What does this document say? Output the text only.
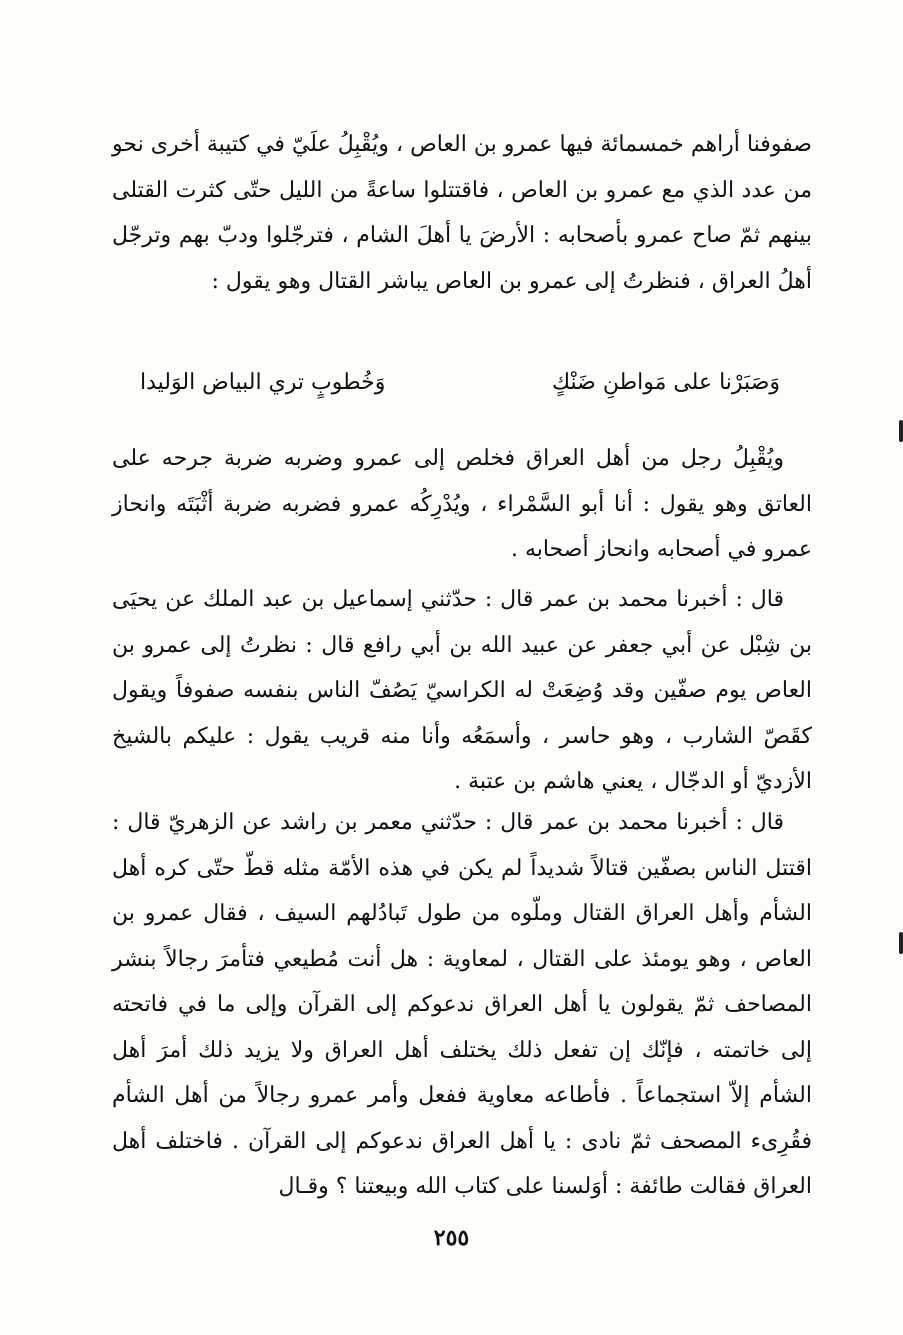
صفوفنا أراهم خمسمائة فيها عمرو بن العاص ، ويُقْبِلُ علَيّ في كتيبة أخرى نحو من عدد الذي مع عمرو بن العاص ، فاقتتلوا ساعةً من الليل حتّى كثرت القتلى بينهم ثمّ صاح عمرو بأصحابه : الأرضَ يا أهلَ الشام ، فترجّلوا ودبّ بهم وترجّل أهلُ العراق ، فنظرتُ إلى عمرو بن العاص يباشر القتال وهو يقول :

وَصَبَرْنا على مَواطنِ ضَنْكٍ
وَخُطوبٍ تري البياض الوَليدا

ويُقْبِلُ رجل من أهل العراق فخلص إلى عمرو وضربه ضربة جرحه على العاتق وهو يقول : أنا أبو السَّمْراء ، ويُدْرِكُه عمرو فضربه ضربة أثْبَتَه وانحاز عمرو في أصحابه وانحاز أصحابه .

قال : أخبرنا محمد بن عمر قال : حدّثني إسماعيل بن عبد الملك عن يحيَى بن شِبْل عن أبي جعفر عن عبيد الله بن أبي رافع قال : نظرتُ إلى عمرو بن العاص يوم صفّين وقد وُضِعَتْ له الكراسيّ يَصُفّ الناس بنفسه صفوفاً ويقول كقَصّ الشارب ، وهو حاسر ، وأسمَعُه وأنا منه قريب يقول : عليكم بالشيخ الأزديّ أو الدجّال ، يعني هاشم بن عتبة .

قال : أخبرنا محمد بن عمر قال : حدّثني معمر بن راشد عن الزهريّ قال : اقتتل الناس بصفّين قتالاً شديداً لم يكن في هذه الأمّة مثله قطّ حتّى كره أهل الشأم وأهل العراق القتال وملّوه من طول تَبادُلهم السيف ، فقال عمرو بن العاص ، وهو يومئذ على القتال ، لمعاوية : هل أنت مُطيعي فتأمرَ رجالاً بنشر المصاحف ثمّ يقولون يا أهل العراق ندعوكم إلى القرآن وإلى ما في فاتحته إلى خاتمته ، فإنّك إن تفعل ذلك يختلف أهل العراق ولا يزيد ذلك أمرَ أهل الشأم إلاّ استجماعاً . فأطاعه معاوية ففعل وأمر عمرو رجالاً من أهل الشأم فقُرِىء المصحف ثمّ نادى : يا أهل العراق ندعوكم إلى القرآن . فاختلف أهل العراق فقالت طائفة : أوَلسنا على كتاب الله وبيعتنا ؟ وقـال

٢٥٥
